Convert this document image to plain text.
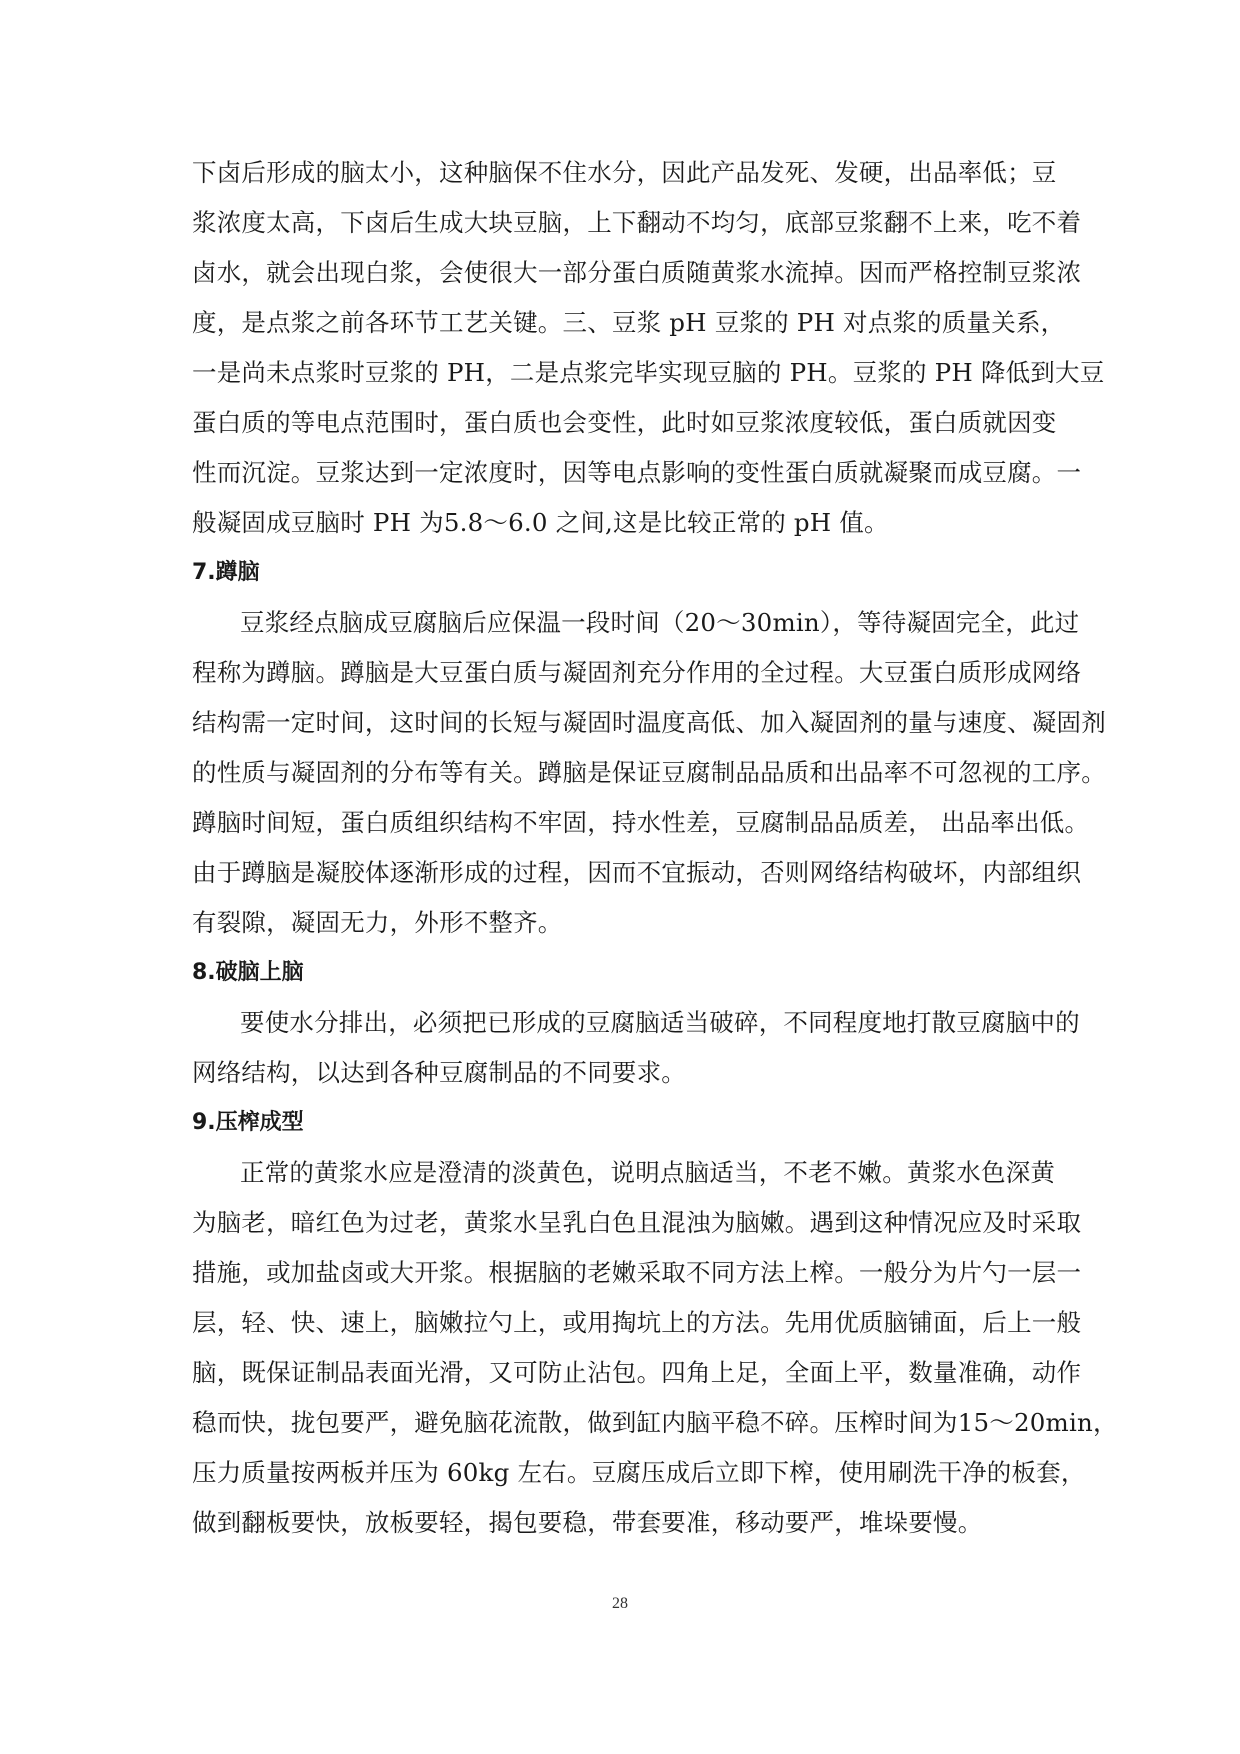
下卤后形成的脑太小，这种脑保不住水分，因此产品发死、发硬，出品率低；豆
浆浓度太高，下卤后生成大块豆脑，上下翻动不均匀，底部豆浆翻不上来，吃不着
卤水，就会出现白浆，会使很大一部分蛋白质随黄浆水流掉。因而严格控制豆浆浓
度，是点浆之前各环节工艺关键。三、豆浆 pH 豆浆的 PH 对点浆的质量关系，
一是尚未点浆时豆浆的 PH，二是点浆完毕实现豆脑的 PH。豆浆的 PH 降低到大豆
蛋白质的等电点范围时，蛋白质也会变性，此时如豆浆浓度较低，蛋白质就因变
性而沉淀。豆浆达到一定浓度时，因等电点影响的变性蛋白质就凝聚而成豆腐。一
般凝固成豆脑时 PH 为5.8～6.0 之间,这是比较正常的 pH 值。
7.蹲脑
豆浆经点脑成豆腐脑后应保温一段时间（20～30min），等待凝固完全，此过
程称为蹲脑。蹲脑是大豆蛋白质与凝固剂充分作用的全过程。大豆蛋白质形成网络
结构需一定时间，这时间的长短与凝固时温度高低、加入凝固剂的量与速度、凝固剂
的性质与凝固剂的分布等有关。蹲脑是保证豆腐制品品质和出品率不可忽视的工序。
蹲脑时间短，蛋白质组织结构不牢固，持水性差，豆腐制品品质差， 出品率出低。
由于蹲脑是凝胶体逐渐形成的过程，因而不宜振动，否则网络结构破坏，内部组织
有裂隙，凝固无力，外形不整齐。
8.破脑上脑
要使水分排出，必须把已形成的豆腐脑适当破碎，不同程度地打散豆腐脑中的
网络结构，以达到各种豆腐制品的不同要求。
9.压榨成型
正常的黄浆水应是澄清的淡黄色，说明点脑适当，不老不嫩。黄浆水色深黄
为脑老，暗红色为过老，黄浆水呈乳白色且混浊为脑嫩。遇到这种情况应及时采取
措施，或加盐卤或大开浆。根据脑的老嫩采取不同方法上榨。一般分为片勺一层一
层，轻、快、速上，脑嫩拉勺上，或用掏坑上的方法。先用优质脑铺面，后上一般
脑，既保证制品表面光滑，又可防止沾包。四角上足，全面上平，数量准确，动作
稳而快，拢包要严，避免脑花流散，做到缸内脑平稳不碎。压榨时间为15～20min，
压力质量按两板并压为 60kg 左右。豆腐压成后立即下榨，使用刷洗干净的板套，
做到翻板要快，放板要轻，揭包要稳，带套要准，移动要严，堆垛要慢。
28
